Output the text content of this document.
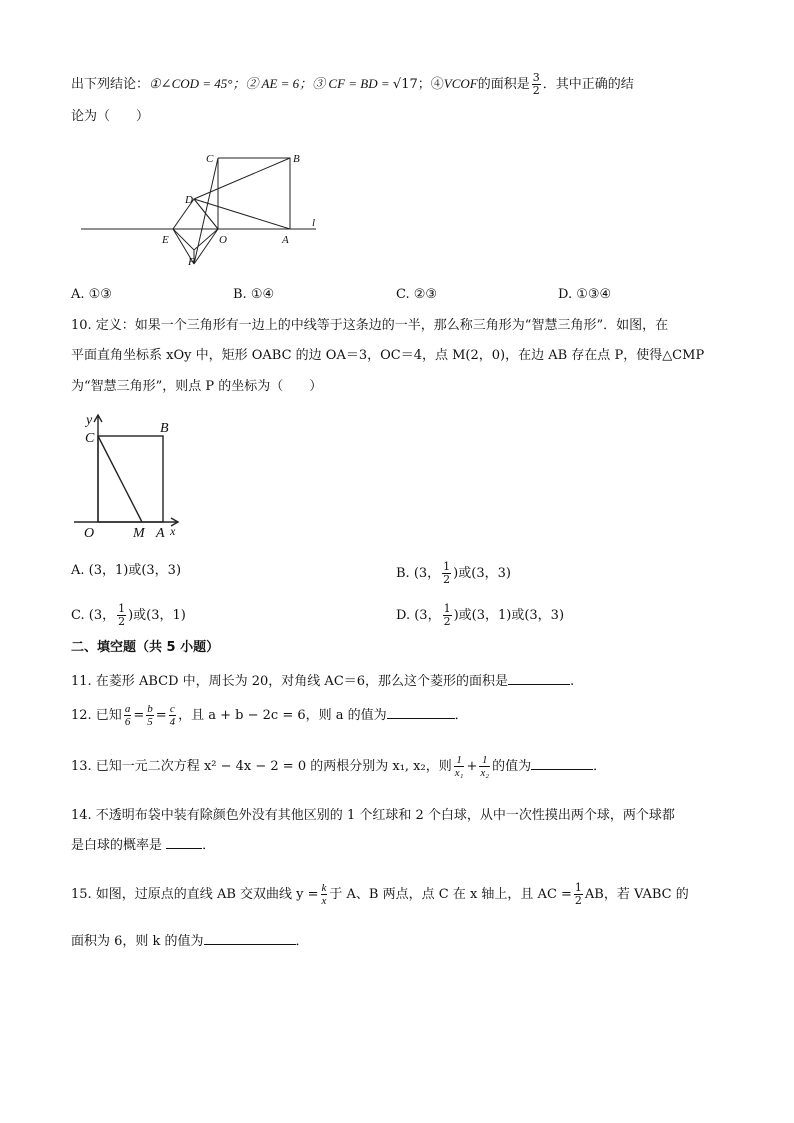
出下列结论：①∠COD = 45°；② AE = 6；③ CF = BD = √17；④VCOF的面积是 $\frac{3}{2}$ ．其中正确的结
论为（　　）
C	B
D
E	O	A
F
l
A. ①③	B. ①④	C. ②③	D. ①③④
10. 定义：如果一个三角形有一边上的中线等于这条边的一半，那么称三角形为“智慧三角形”．如图，在
平面直角坐标系 xOy 中，矩形 OABC 的边 OA＝3，OC＝4，点 M(2，0)，在边 AB 存在点 P，使得△CMP
为“智慧三角形”，则点 P 的坐标为（　　）
y
C
B
O	M A x
A. (3，1)或(3，3)	B. (3， $\frac{1}{2}$ )或(3，3)
C. (3， $\frac{1}{2}$ )或(3，1)	D. (3， $\frac{1}{2}$ )或(3，1)或(3，3)
二、填空题（共 5 小题）
11. 在菱形 ABCD 中，周长为 20，对角线 AC＝6，那么这个菱形的面积是	.
12. 已知 $\frac{a}{6} = \frac{b}{5} = \frac{c}{4}$ ，且 a + b − 2c = 6，则 a 的值为	．
13. 已知一元二次方程 x² − 4x − 2 = 0 的两根分别为 x₁, x₂，则 $\frac{1}{\text{x₁}} + \frac{1}{\text{x₂}}$ 的值为	．
14. 不透明布袋中装有除颜色外没有其他区别的 1 个红球和 2 个白球，从中一次性摸出两个球，两个球都
是白球的概率是	．
15. 如图，过原点的直线 AB 交双曲线 $y = \frac{k}{x}$ 于 A、B 两点，点 C 在 x 轴上，且 AC = $\frac{1}{2}$ AB，若 VABC 的
面积为 6，则 k 的值为	．
